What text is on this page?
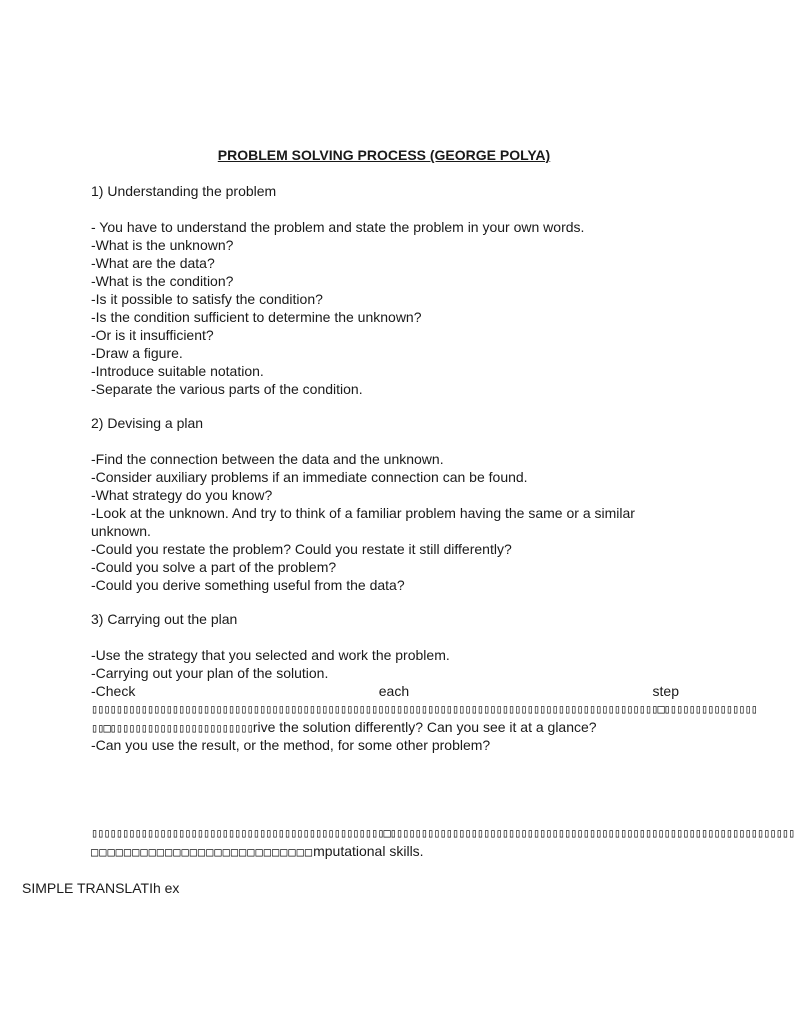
PROBLEM SOLVING PROCESS (GEORGE POLYA)
1) Understanding the problem
- You have to understand the problem and state the problem in your own words.
-What is the unknown?
-What are the data?
-What is the condition?
-Is it possible to satisfy the condition?
-Is the condition sufficient to determine the unknown?
-Or is it insufficient?
-Draw a figure.
-Introduce suitable notation.
-Separate the various parts of the condition.
2) Devising a plan
-Find the connection between the data and the unknown.
-Consider auxiliary problems if an immediate connection can be found.
-What strategy do you know?
-Look at the unknown. And try to think of a familiar problem having the same or a similar unknown.
-Could you restate the problem? Could you restate it still differently?
-Could you solve a part of the problem?
-Could you derive something useful from the data?
3) Carrying out the plan
-Use the strategy that you selected and work the problem.
-Carrying out your plan of the solution.
-Check	each	step
▯▯▯▯▯▯▯▯▯▯▯▯▯▯▯▯▯▯▯▯▯▯▯▯▯▯▯▯▯▯▯▯▯▯▯▯▯▯▯▯▯▯▯▯▯▯▯▯▯▯▯▯▯▯▯▯▯▯▯▯▯▯▯▯▯▯▯▯▯▯▯▯▯▯▯▯▯▯▯▯▯▯▯▯▯▯▯▯▯▯▯□▯▯▯▯▯▯▯▯▯▯▯▯▯▯▯
▯▯□▯▯▯▯▯▯▯▯▯▯▯▯▯▯▯▯▯▯▯▯▯▯▯rive the solution differently? Can you see it at a glance?
-Can you use the result, or the method, for some other problem?
▯▯▯▯▯▯▯▯▯▯▯▯▯▯▯▯▯▯▯▯▯▯▯▯▯▯▯▯▯▯▯▯▯▯▯▯▯▯▯▯▯▯▯▯▯▯▯□▯▯▯▯▯▯▯▯▯▯▯▯▯▯▯▯▯▯▯▯▯▯▯▯▯▯▯▯▯▯▯▯▯▯▯▯▯▯▯▯▯▯▯▯▯▯▯▯▯▯▯▯▯▯▯▯▯▯▯▯▯▯▯▯▯
□□□□□□□□□□□□□□□□□□□□□□□□□□□mputational skills.
SIMPLE TRANSLATIh ex
